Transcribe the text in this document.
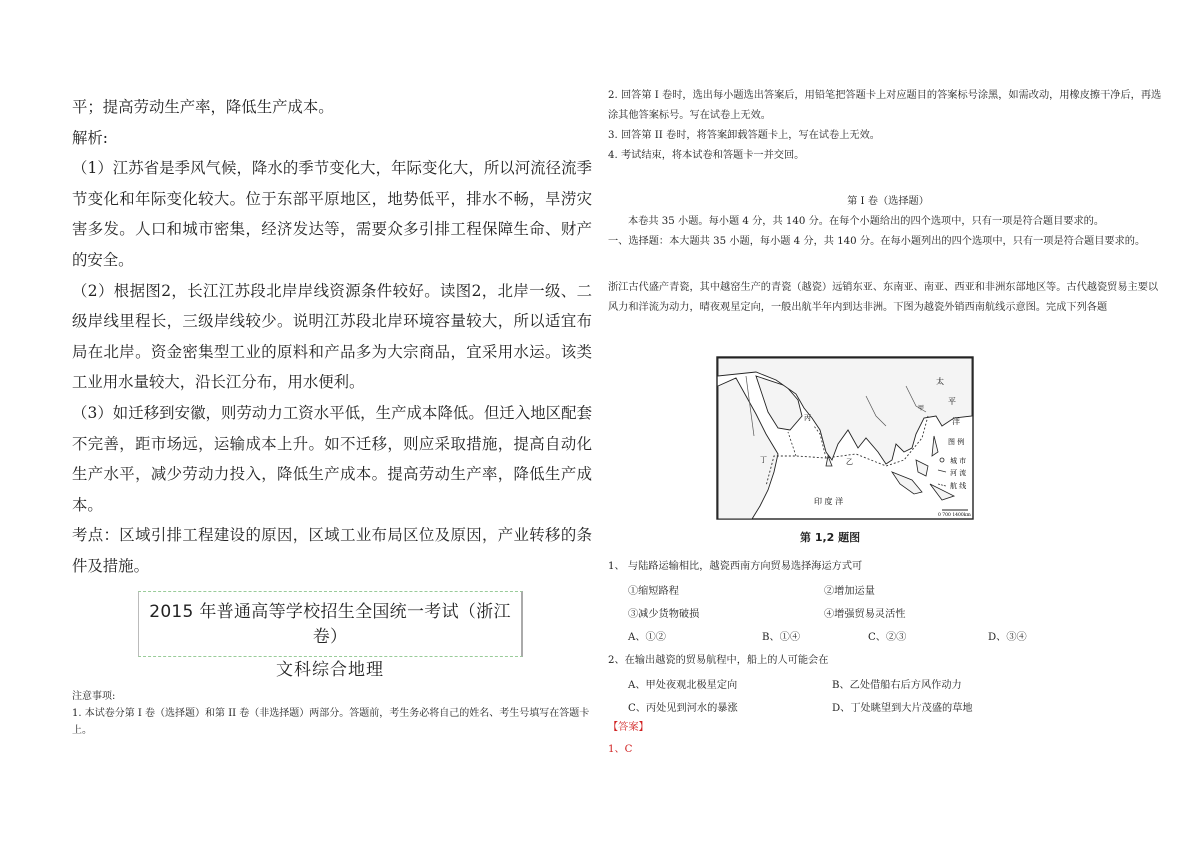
平；提高劳动生产率，降低生产成本。

解析:

（1）江苏省是季风气候，降水的季节变化大，年际变化大，所以河流径流季节变化和年际变化较大。位于东部平原地区，地势低平，排水不畅，旱涝灾害多发。人口和城市密集，经济发达等，需要众多引排工程保障生命、财产的安全。

（2）根据图2，长江江苏段北岸岸线资源条件较好。读图2，北岸一级、二级岸线里程长，三级岸线较少。说明江苏段北岸环境容量较大，所以适宜布局在北岸。资金密集型工业的原料和产品多为大宗商品，宜采用水运。该类工业用水量较大，沿长江分布，用水便利。

（3）如迁移到安徽，则劳动力工资水平低，生产成本降低。但迁入地区配套不完善，距市场远，运输成本上升。如不迁移，则应采取措施，提高自动化生产水平，减少劳动力投入，降低生产成本。提高劳动生产率，降低生产成本。

考点：区域引排工程建设的原因，区域工业布局区位及原因，产业转移的条件及措施。

2015 年普通高等学校招生全国统一考试（浙江卷）
文科综合地理
注意事项:
1. 本试卷分第 I 卷（选择题）和第 II 卷（非选择题）两部分。答题前，考生务必将自己的姓名、考生号填写在答题卡上。

2. 回答第 I 卷时，选出每小题选出答案后，用铅笔把答题卡上对应题目的答案标号涂黑，如需改动，用橡皮擦干净后，再选涂其他答案标号。写在试卷上无效。

3. 回答第 II 卷时，将答案卸载答题卡上，写在试卷上无效。

4. 考试结束，将本试卷和答题卡一并交回。

第 I 卷（选择题）

本卷共 35 小题。每小题 4 分，共 140 分。在每个小题给出的四个选项中，只有一项是符合题目要求的。

一、选择题：本大题共 35 小题，每小题 4 分，共 140 分。在每小题列出的四个选项中，只有一项是符合题目要求的。

浙江古代盛产青瓷，其中越窑生产的青瓷（越瓷）远销东亚、东南亚、南亚、西亚和非洲东部地区等。古代越瓷贸易主要以风力和洋流为动力，晴夜观星定向，一般出航半年内到达非洲。下图为越瓷外销西南航线示意图。完成下列各题

太
平
洋
印 度 洋
甲
乙
丙
丁
图 例
城 市
河 流
航 线
0 700 1400km
第 1,2 题图

1、 与陆路运输相比，越瓷西南方向贸易选择海运方式可

①缩短路程	②增加运量
③减少货物破损	④增强贸易灵活性
A、①②	B、①④	C、②③	D、③④

2、在输出越瓷的贸易航程中，船上的人可能会在

A、甲处夜观北极星定向	B、乙处借船右后方风作动力
C、丙处见到河水的暴涨	D、丁处眺望到大片茂盛的草地
【答案】
1、C
